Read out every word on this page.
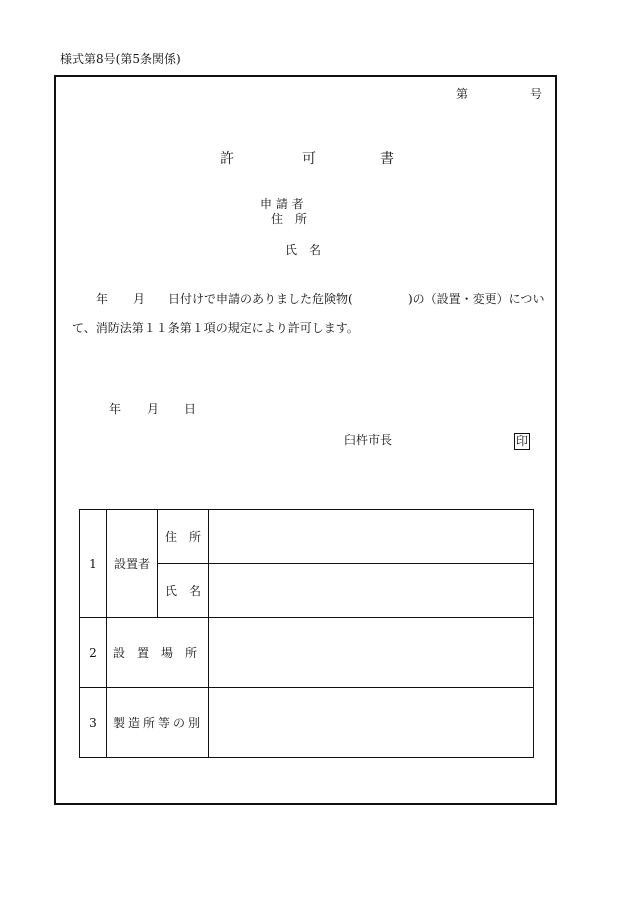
様式第8号(第5条関係)
第	号
許	可	書
申 請 者
住　所
氏　名
年 月 日付けで申請のありました危険物(	)の（設置・変更）につい
て、消防法第１１条第１項の規定により許可します。
年 月 日
臼杵市長	印
1	設置者	住　所	
		氏　名	
2	設　置　場　所		
3	製造所等の別		
